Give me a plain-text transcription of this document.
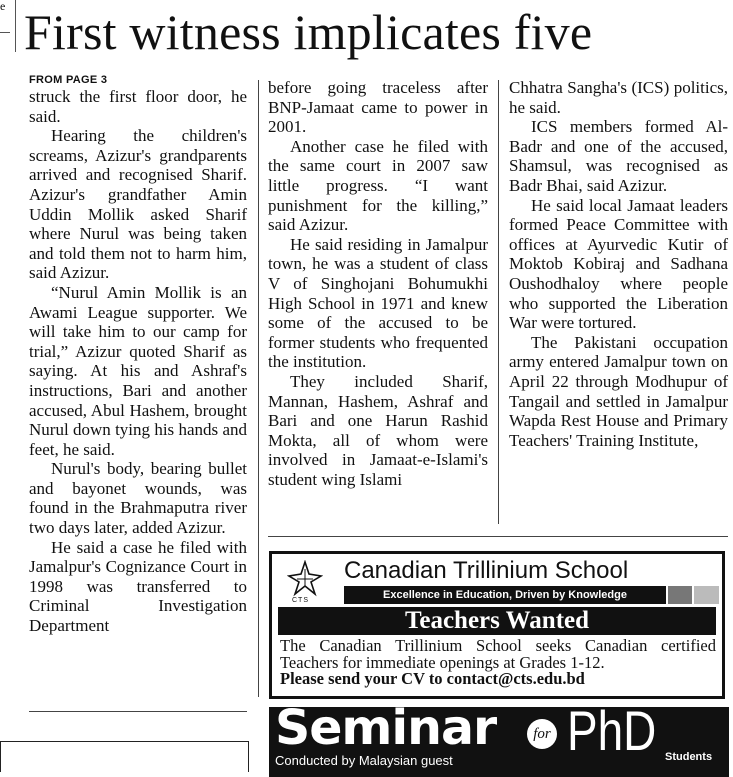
e First witness implicates five
FROM PAGE 3

struck the first floor door, he said.

Hearing the children's screams, Azizur's grandparents arrived and recognised Sharif. Azizur's grandfather Amin Uddin Mollik asked Sharif where Nurul was being taken and told them not to harm him, said Azizur.

“Nurul Amin Mollik is an Awami League supporter. We will take him to our camp for trial,” Azizur quoted Sharif as saying. At his and Ashraf's instructions, Bari and another accused, Abul Hashem, brought Nurul down tying his hands and feet, he said.

Nurul's body, bearing bullet and bayonet wounds, was found in the Brahmaputra river two days later, added Azizur.

He said a case he filed with Jamalpur's Cognizance Court in 1998 was transferred to Criminal Investigation Department

before going traceless after BNP-Jamaat came to power in 2001.

Another case he filed with the same court in 2007 saw little progress. “I want punishment for the killing,” said Azizur.

He said residing in Jamalpur town, he was a student of class V of Singhojani Bohumukhi High School in 1971 and knew some of the accused to be former students who frequented the institution.

They included Sharif, Mannan, Hashem, Ashraf and Bari and one Harun Rashid Mokta, all of whom were involved in Jamaat-e-Islami's student wing Islami

Chhatra Sangha's (ICS) politics, he said.

ICS members formed Al-Badr and one of the accused, Shamsul, was recognised as Badr Bhai, said Azizur.

He said local Jamaat leaders formed Peace Committee with offices at Ayurvedic Kutir of Moktob Kobiraj and Sadhana Oushodhaloy where people who supported the Liberation War were tortured.

The Pakistani occupation army entered Jamalpur town on April 22 through Modhupur of Tangail and settled in Jamalpur Wapda Rest House and Primary Teachers' Training Institute,

CTS
Canadian Trillinium School
Excellence in Education, Driven by Knowledge
Teachers Wanted
The Canadian Trillinium School seeks Canadian certified Teachers for immediate openings at Grades 1-12.
Please send your CV to contact@cts.edu.bd
Seminar	for PhD Students
Conducted by Malaysian guest
